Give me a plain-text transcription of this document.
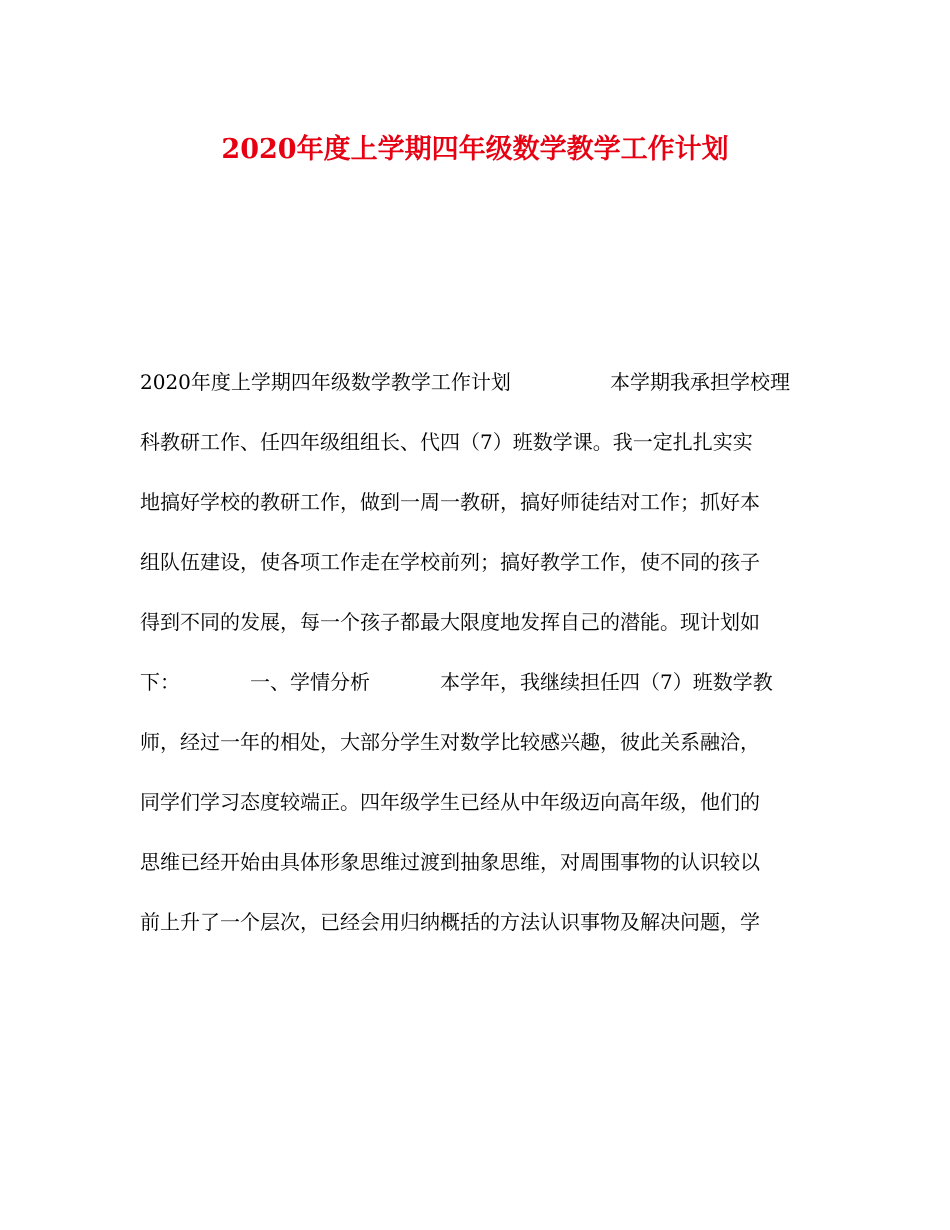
2020年度上学期四年级数学教学工作计划
2020年度上学期四年级数学教学工作计划	本学期我承担学校理
科教研工作、任四年级组组长、代四（7）班数学课。我一定扎扎实实
地搞好学校的教研工作，做到一周一教研，搞好师徒结对工作；抓好本
组队伍建设，使各项工作走在学校前列；搞好教学工作，使不同的孩子
得到不同的发展，每一个孩子都最大限度地发挥自己的潜能。现计划如
下：	一、学情分析	本学年，我继续担任四（7）班数学教
师，经过一年的相处，大部分学生对数学比较感兴趣，彼此关系融洽，
同学们学习态度较端正。四年级学生已经从中年级迈向高年级，他们的
思维已经开始由具体形象思维过渡到抽象思维，对周围事物的认识较以
前上升了一个层次，已经会用归纳概括的方法认识事物及解决问题，学
